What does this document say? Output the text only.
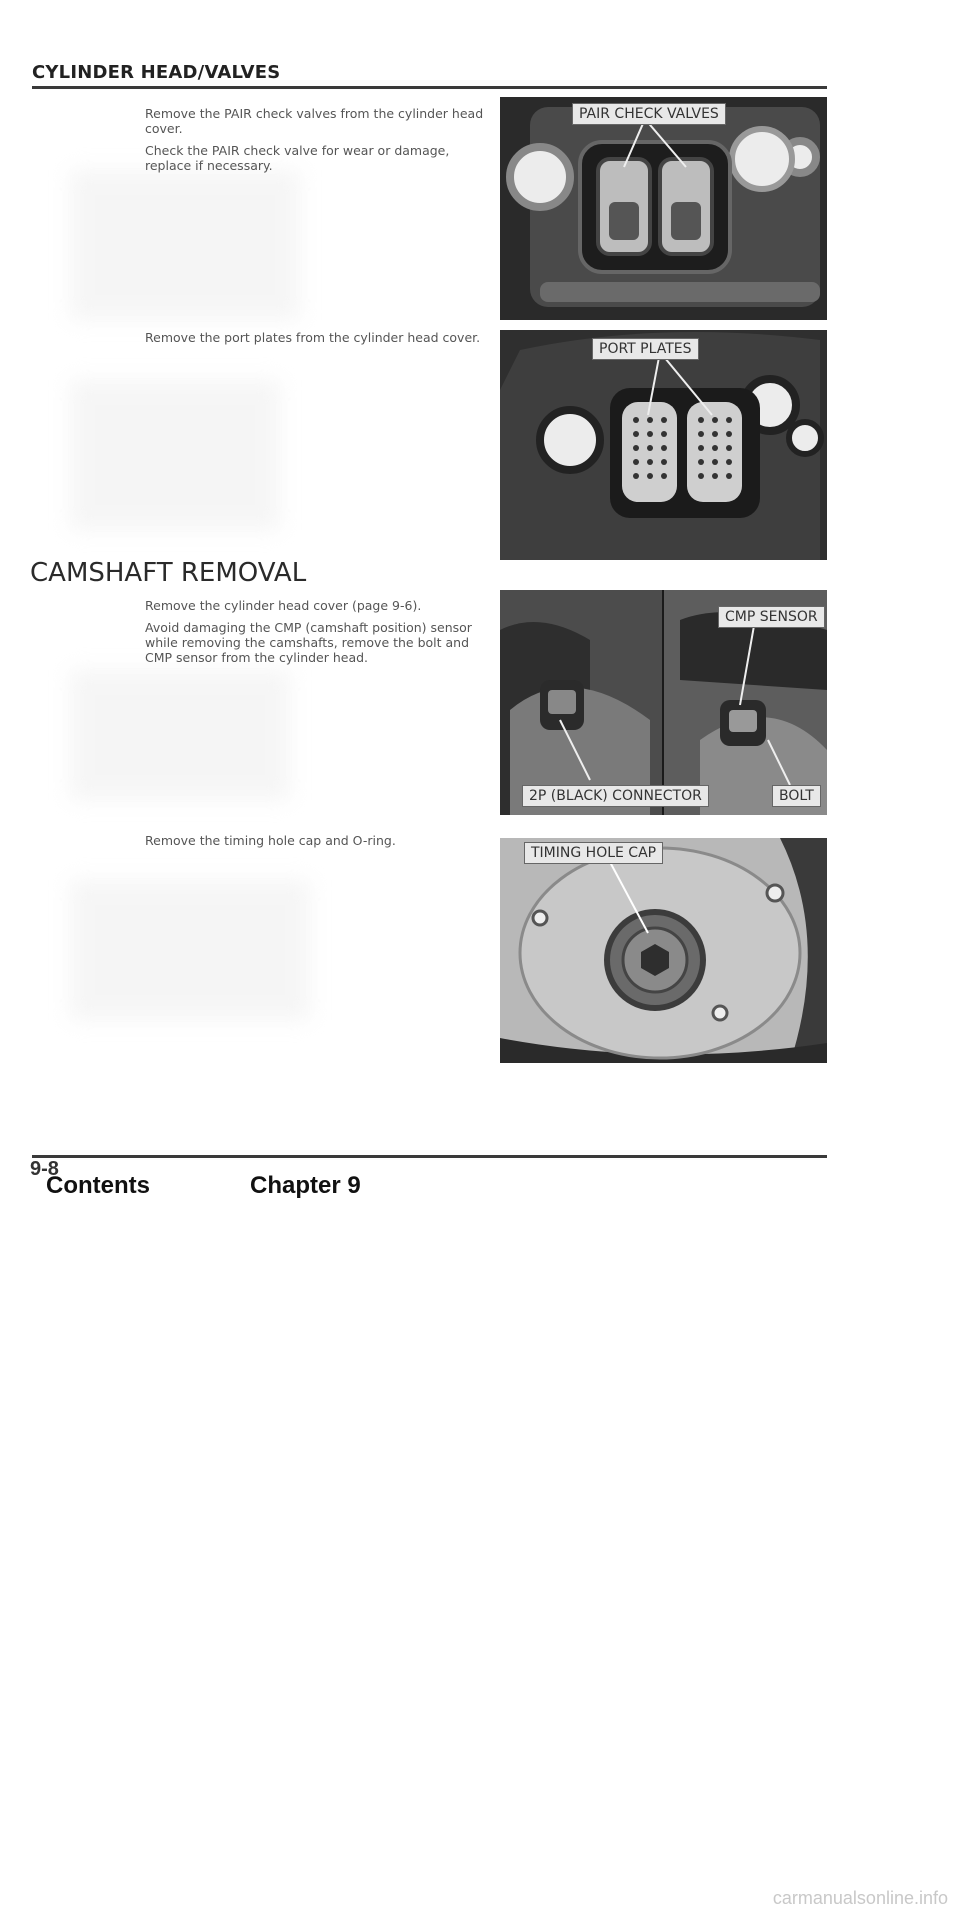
CYLINDER HEAD/VALVES

Remove the PAIR check valves from the cylinder head cover.

Check the PAIR check valve for wear or damage, replace if necessary.

PAIR CHECK VALVES

Remove the port plates from the cylinder head cover.

PORT PLATES
CAMSHAFT REMOVAL

Remove the cylinder head cover (page 9-6).

Avoid damaging the CMP (camshaft position) sensor while removing the camshafts, remove the bolt and CMP sensor from the cylinder head.

CMP SENSOR
2P (BLACK) CONNECTOR	BOLT

Remove the timing hole cap and O-ring.

TIMING HOLE CAP
9-8
Contents	Chapter 9
carmanualsonline.info
